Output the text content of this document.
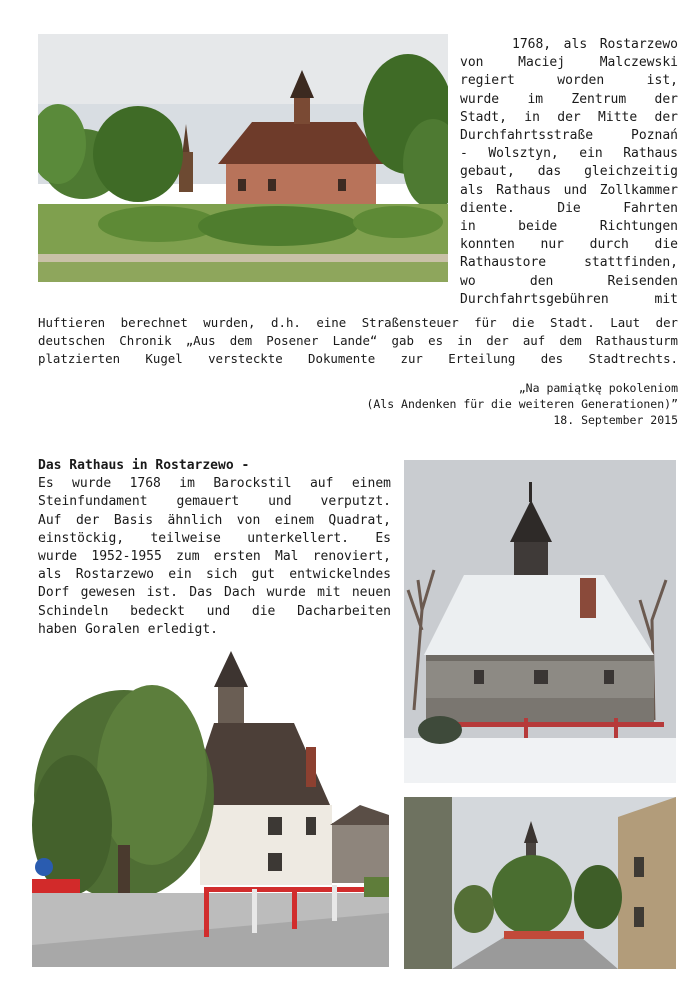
1768, als Rostarzewo
von Maciej Malczewski
regiert worden ist,
wurde im Zentrum der
Stadt, in der Mitte der
Durchfahrtsstraße Poznań
- Wolsztyn, ein Rathaus
gebaut, das gleichzeitig
als Rathaus und Zollkammer
diente. Die Fahrten
in beide Richtungen
konnten nur durch die
Rathaustore stattfinden,
wo den Reisenden
Durchfahrtsgebühren mit
Huftieren berechnet wurden, d.h. eine Straßensteuer für die Stadt. Laut der
deutschen Chronik „Aus dem Posener Lande“ gab es in der auf dem Rathausturm
platzierten Kugel versteckte Dokumente zur Erteilung des Stadtrechts.
„Na pamiątkę pokoleniom
(Als Andenken für die weiteren Generationen)”
18. September 2015
Das Rathaus in Rostarzewo -
Es wurde 1768 im Barockstil auf einem
Steinfundament gemauert und verputzt.
Auf der Basis ähnlich von einem Quadrat,
einstöckig, teilweise unterkellert. Es
wurde 1952-1955 zum ersten Mal renoviert,
als Rostarzewo ein sich gut entwickelndes
Dorf gewesen ist. Das Dach wurde mit neuen
Schindeln bedeckt und die Dacharbeiten
haben Goralen erledigt.
